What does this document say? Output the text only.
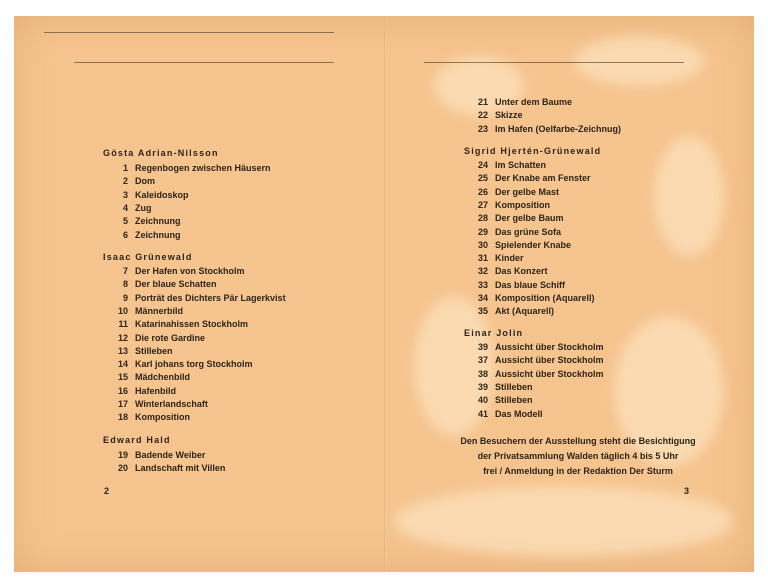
Gösta Adrian-Nilsson
1 Regenbogen zwischen Häusern
2 Dom
3 Kaleidoskop
4 Zug
5 Zeichnung
6 Zeichnung
Isaac Grünewald
7 Der Hafen von Stockholm
8 Der blaue Schatten
9 Porträt des Dichters Pär Lagerkvist
10 Männerbild
11 Katarinahissen Stockholm
12 Die rote Gardine
13 Stilleben
14 Karl johans torg Stockholm
15 Mädchenbild
16 Hafenbild
17 Winterlandschaft
18 Komposition
Edward Hald
19 Badende Weiber
20 Landschaft mit Villen
2
21 Unter dem Baume
22 Skizze
23 Im Hafen (Oelfarbe-Zeichnug)
Sigrid Hjertén-Grünewald
24 Im Schatten
25 Der Knabe am Fenster
26 Der gelbe Mast
27 Komposition
28 Der gelbe Baum
29 Das grüne Sofa
30 Spielender Knabe
31 Kinder
32 Das Konzert
33 Das blaue Schiff
34 Komposition (Aquarell)
35 Akt (Aquarell)
Einar Jolin
39 Aussicht über Stockholm
37 Aussicht über Stockholm
38 Aussicht über Stockholm
39 Stilleben
40 Stilleben
41 Das Modell
Den Besuchern der Ausstellung steht die Besichtigung
der Privatsammlung Walden täglich 4 bis 5 Uhr
frei / Anmeldung in der Redaktion Der Sturm
3
